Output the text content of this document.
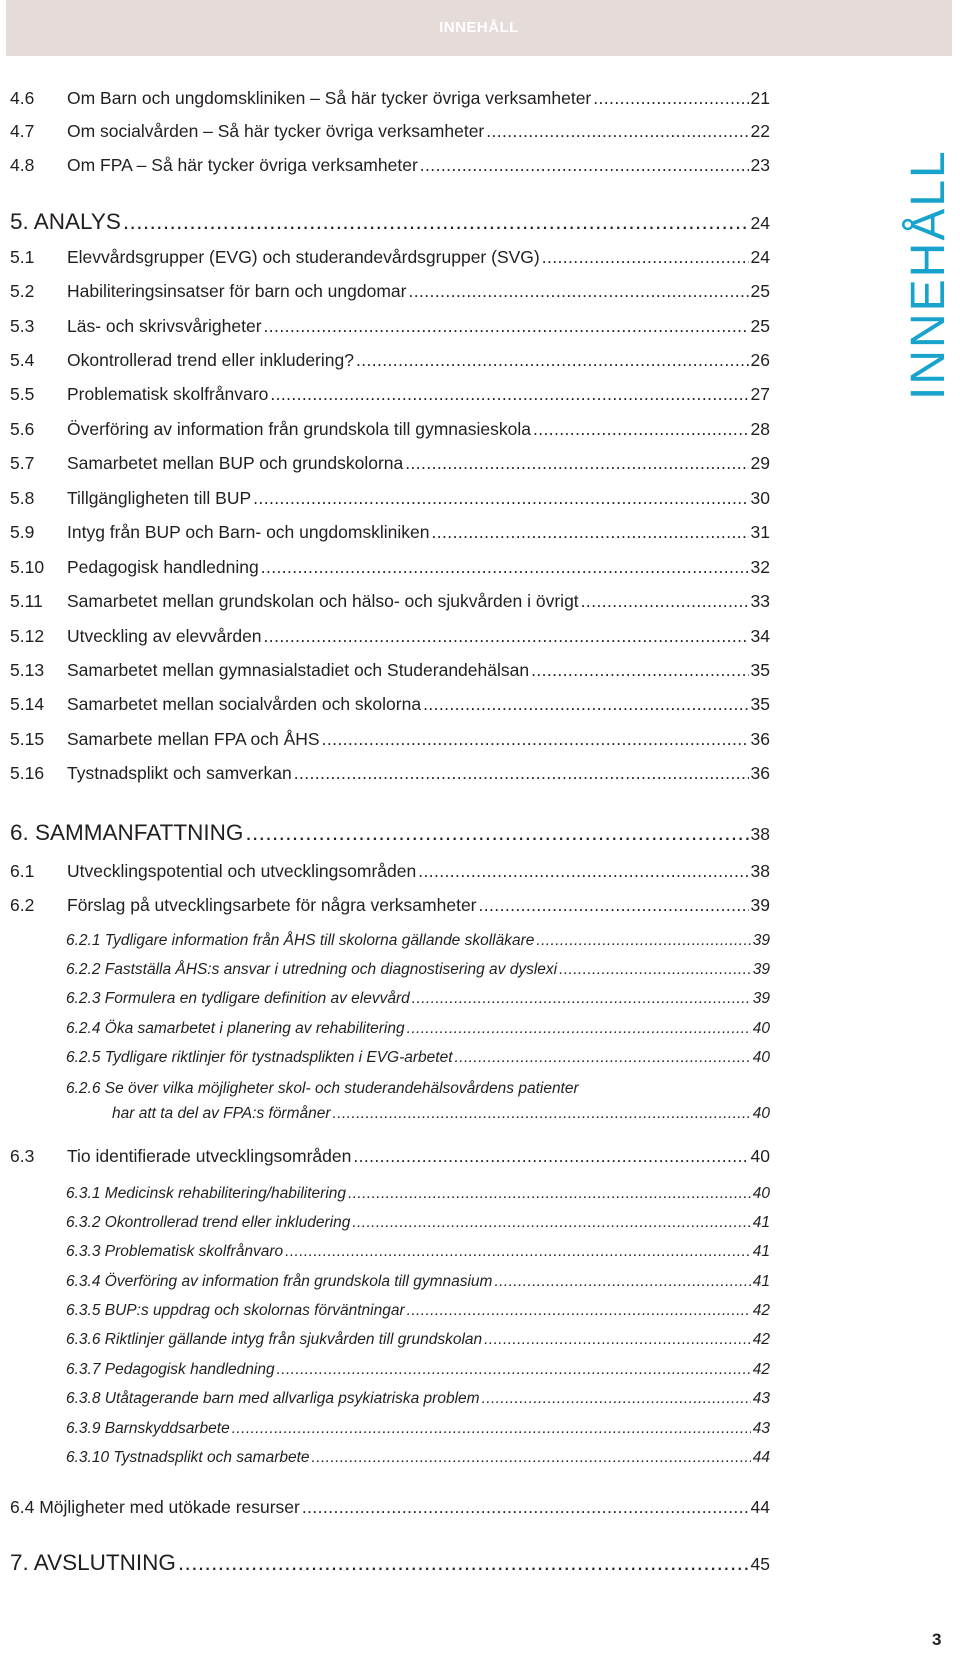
INNEHÅLL
INNEHÅLL
4.6	Om Barn och ungdomskliniken – Så här tycker övriga verksamheter .....	21
4.7	Om socialvården – Så här tycker övriga verksamheter .....	22
4.8	Om FPA – Så här tycker övriga verksamheter .....	23
5. ANALYS .....	24
5.1	Elevvårdsgrupper (EVG) och studerandevårdsgrupper (SVG) .....	24
5.2	Habiliteringsinsatser för barn och ungdomar .....	25
5.3	Läs- och skrivsvårigheter .....	25
5.4	Okontrollerad trend eller inkludering? .....	26
5.5	Problematisk skolfrånvaro .....	27
5.6	Överföring av information från grundskola till gymnasieskola .....	28
5.7	Samarbetet mellan BUP och grundskolorna .....	29
5.8	Tillgängligheten till BUP .....	30
5.9	Intyg från BUP och Barn- och ungdomskliniken .....	31
5.10	Pedagogisk handledning .....	32
5.11	Samarbetet mellan grundskolan och hälso- och sjukvården i övrigt .....	33
5.12	Utveckling av elevvården .....	34
5.13	Samarbetet mellan gymnasialstadiet och Studerandehälsan .....	35
5.14	Samarbetet mellan socialvården och skolorna .....	35
5.15	Samarbete mellan FPA och ÅHS .....	36
5.16	Tystnadsplikt och samverkan .....	36
6. SAMMANFATTNING .....	38
6.1	Utvecklingspotential och utvecklingsområden .....	38
6.2	Förslag på utvecklingsarbete för några verksamheter .....	39
6.2.1 Tydligare information från ÅHS till skolorna gällande skolläkare .....	39
6.2.2 Fastställa ÅHS:s ansvar i utredning och diagnostisering av dyslexi .....	39
6.2.3 Formulera en tydligare definition av elevvård .....	39
6.2.4 Öka samarbetet i planering av rehabilitering .....	40
6.2.5 Tydligare riktlinjer för tystnadsplikten i EVG-arbetet .....	40
6.2.6 Se över vilka möjligheter skol- och studerandehälsovårdens patienter
har att ta del av FPA:s förmåner .....	40
6.3	Tio identifierade utvecklingsområden .....	40
6.3.1 Medicinsk rehabilitering/habilitering .....	40
6.3.2 Okontrollerad trend eller inkludering .....	41
6.3.3 Problematisk skolfrånvaro .....	41
6.3.4 Överföring av information från grundskola till gymnasium .....	41
6.3.5 BUP:s uppdrag och skolornas förväntningar .....	42
6.3.6 Riktlinjer gällande intyg från sjukvården till grundskolan .....	42
6.3.7 Pedagogisk handledning .....	42
6.3.8 Utåtagerande barn med allvarliga psykiatriska problem .....	43
6.3.9 Barnskyddsarbete .....	43
6.3.10 Tystnadsplikt och samarbete .....	44
6.4 Möjligheter med utökade resurser .....	44
7. AVSLUTNING .....	45
3
